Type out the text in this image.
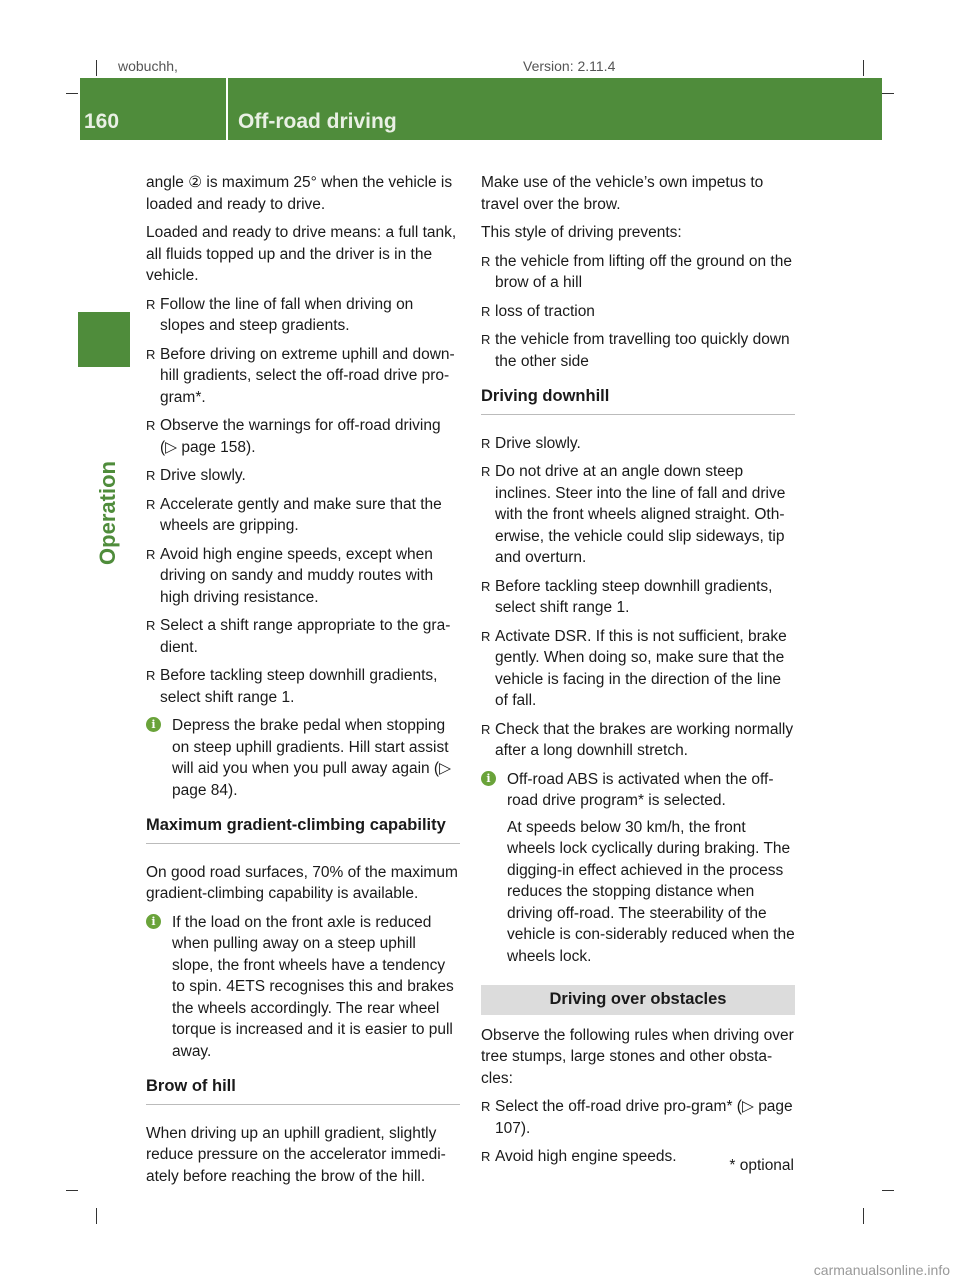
wobuchh,	Version: 2.11.4
160	Off-road driving
Operation

angle ② is maximum 25° when the vehicle is loaded and ready to drive.

Loaded and ready to drive means: a full tank, all fluids topped up and the driver is in the vehicle.

R Follow the line of fall when driving on slopes and steep gradients.
R Before driving on extreme uphill and down-hill gradients, select the off-road drive pro-gram*.
R Observe the warnings for off-road driving (▷ page 158).
R Drive slowly.
R Accelerate gently and make sure that the wheels are gripping.
R Avoid high engine speeds, except when driving on sandy and muddy routes with high driving resistance.
R Select a shift range appropriate to the gra-dient.
R Before tackling steep downhill gradients, select shift range 1.
i	Depress the brake pedal when stopping on steep uphill gradients. Hill start assist will aid you when you pull away again (▷ page 84).
Maximum gradient-climbing capability

On good road surfaces, 70% of the maximum gradient-climbing capability is available.

i	If the load on the front axle is reduced when pulling away on a steep uphill slope, the front wheels have a tendency to spin. 4ETS recognises this and brakes the wheels accordingly. The rear wheel torque is increased and it is easier to pull away.
Brow of hill

When driving up an uphill gradient, slightly reduce pressure on the accelerator immedi-ately before reaching the brow of the hill.

Make use of the vehicle’s own impetus to travel over the brow.

This style of driving prevents:

R the vehicle from lifting off the ground on the brow of a hill
R loss of traction
R the vehicle from travelling too quickly down the other side
Driving downhill
R Drive slowly.
R Do not drive at an angle down steep inclines. Steer into the line of fall and drive with the front wheels aligned straight. Oth-erwise, the vehicle could slip sideways, tip and overturn.
R Before tackling steep downhill gradients, select shift range 1.
R Activate DSR. If this is not sufficient, brake gently. When doing so, make sure that the vehicle is facing in the direction of the line of fall.
R Check that the brakes are working normally after a long downhill stretch.
i	Off-road ABS is activated when the off-road drive program* is selected.
At speeds below 30 km/h, the front wheels lock cyclically during braking. The digging-in effect achieved in the process reduces the stopping distance when driving off-road. The steerability of the vehicle is con-siderably reduced when the wheels lock.
Driving over obstacles

Observe the following rules when driving over tree stumps, large stones and other obsta-cles:

R Select the off-road drive pro-gram* (▷ page 107).
R Avoid high engine speeds.
* optional
carmanualsonline.info
